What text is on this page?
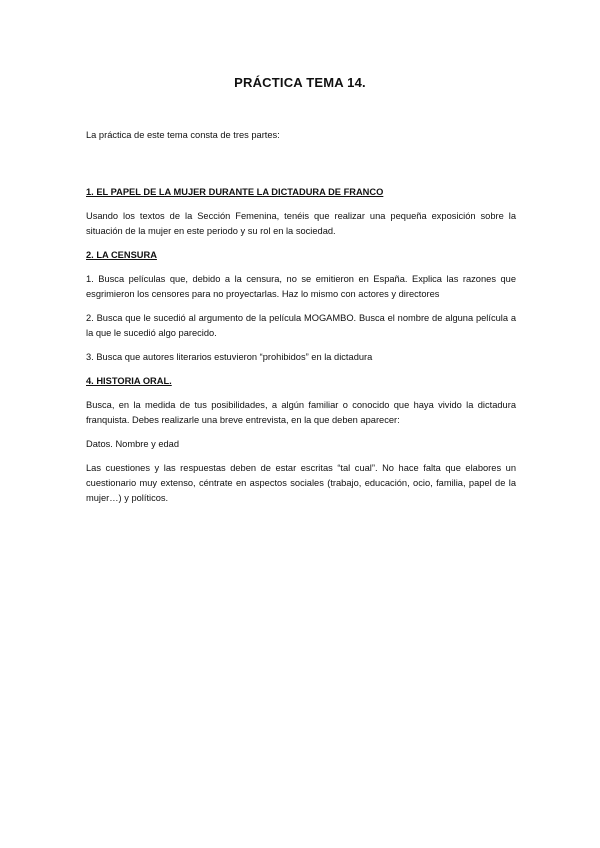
PRÁCTICA TEMA 14.

La práctica de este tema consta de tres partes:

1. EL PAPEL DE LA MUJER DURANTE LA DICTADURA DE FRANCO

Usando los textos de la Sección Femenina, tenéis que realizar una pequeña exposición sobre la situación de la mujer en este periodo y su rol en la sociedad.

2. LA CENSURA

1. Busca películas que, debido a la censura, no se emitieron en España. Explica las razones que esgrimieron los censores para no proyectarlas. Haz lo mismo con actores y directores

2. Busca que le sucedió al argumento de la película MOGAMBO. Busca el nombre de alguna película a la que le sucedió algo parecido.

3. Busca que autores literarios estuvieron “prohibidos” en la dictadura

4. HISTORIA ORAL.

Busca, en la medida de tus posibilidades, a algún familiar o conocido que haya vivido la dictadura franquista. Debes realizarle una breve entrevista, en la que deben aparecer:

Datos. Nombre y edad

Las cuestiones y las respuestas deben de estar escritas “tal cual”. No hace falta que elabores un cuestionario muy extenso, céntrate en aspectos sociales (trabajo, educación, ocio, familia, papel de la mujer…) y políticos.
